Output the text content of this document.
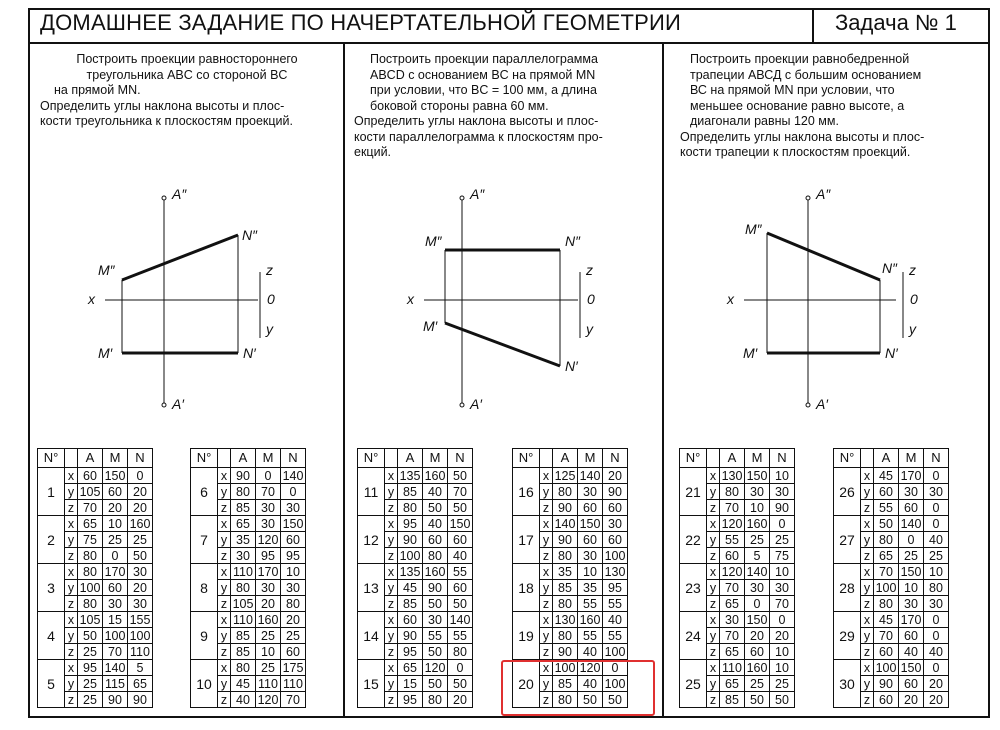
ДОМАШНЕЕ ЗАДАНИЕ ПО НАЧЕРТАТЕЛЬНОЙ ГЕОМЕТРИИ	Задача № 1

Построить проекции равностороннего

треугольника ABC со стороной BC

на прямой MN.

Определить углы наклона высоты и плос-

кости треугольника к плоскостям проекций.

Построить проекции параллелограмма

ABCD с основанием BC на прямой MN

при условии, что BC = 100 мм, а длина

боковой стороны равна 60 мм.

Определить углы наклона высоты и плос-

кости параллелограмма к плоскостям про-

екций.

Построить проекции равнобедренной

трапеции АВСД с большим основанием

ВС на прямой MN при условии, что

меньшее основание равно высоте, а

диагонали равны 120 мм.

Определить углы наклона высоты и плос-

кости трапеции к плоскостям проекций.

A″
A′
N″
M″
M′	N′
x
z
0
y
A″
A′
M″	N″
M′
N′
x
z
0
y
A″
A′
M″
N″
M′	N′
x
z
0
y
N°		A	M	N
1	x	60	150	0
	y	105	60	20
	z	70	20	20
2	x	65	10	160
	y	75	25	25
	z	80	0	50
3	x	80	170	30
	y	100	60	20
	z	80	30	30
4	x	105	15	155
	y	50	100	100
	z	25	70	110
5	x	95	140	5
	y	25	115	65
	z	25	90	90
N°		A	M	N
6	x	90	0	140
	y	80	70	0
	z	85	30	30
7	x	65	30	150
	y	35	120	60
	z	30	95	95
8	x	110	170	10
	y	80	30	30
	z	105	20	80
9	x	110	160	20
	y	85	25	25
	z	85	10	60
10	x	80	25	175
	y	45	110	110
	z	40	120	70
N°		A	M	N
11	x	135	160	50
	y	85	40	70
	z	80	50	50
12	x	95	40	150
	y	90	60	60
	z	100	80	40
13	x	135	160	55
	y	45	90	60
	z	85	50	50
14	x	60	30	140
	y	90	55	55
	z	95	50	80
15	x	65	120	0
	y	15	50	50
	z	95	80	20
N°		A	M	N
16	x	125	140	20
	y	80	30	90
	z	90	60	60
17	x	140	150	30
	y	90	60	60
	z	80	30	100
18	x	35	10	130
	y	85	35	95
	z	80	55	55
19	x	130	160	40
	y	80	55	55
	z	90	40	100
20	x	100	120	0
	y	85	40	100
	z	80	50	50
N°		A	M	N
21	x	130	150	10
	y	80	30	30
	z	70	10	90
22	x	120	160	0
	y	55	25	25
	z	60	5	75
23	x	120	140	10
	y	70	30	30
	z	65	0	70
24	x	30	150	0
	y	70	20	20
	z	65	60	10
25	x	110	160	10
	y	65	25	25
	z	85	50	50
N°		A	M	N
26	x	45	170	0
	y	60	30	30
	z	55	60	0
27	x	50	140	0
	y	80	0	40
	z	65	25	25
28	x	70	150	10
	y	100	10	80
	z	80	30	30
29	x	45	170	0
	y	70	60	0
	z	60	40	40
30	x	100	150	0
	y	90	60	20
	z	60	20	20
